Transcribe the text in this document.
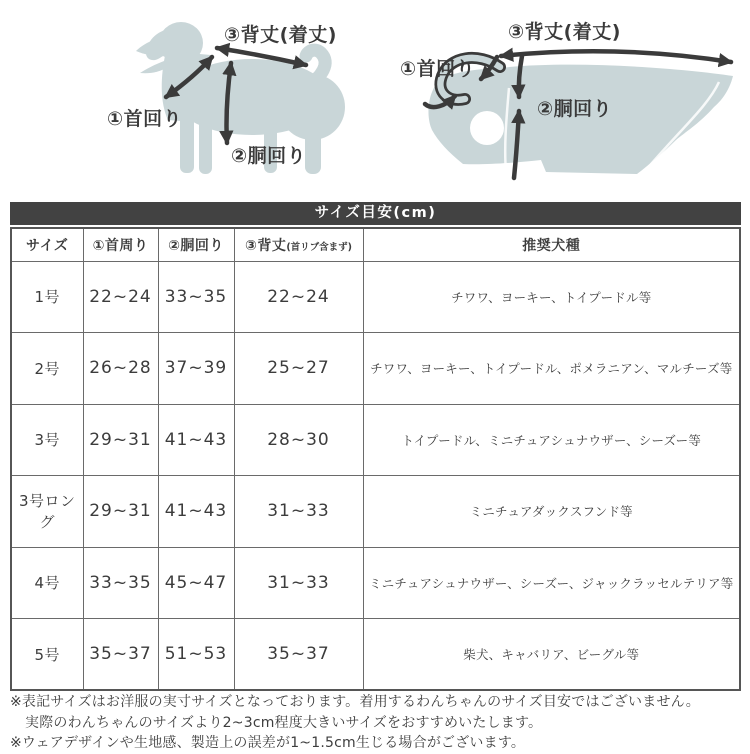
③背丈(着丈)
①首回り
②胴回り
③背丈(着丈)
①首回り
②胴回り
サイズ目安(cm)
サイズ	①首周り	②胴回り	③背丈(首リブ含まず)	推奨犬種
1号	22~24	33~35	22~24	チワワ、ヨーキー、トイプードル等
2号	26~28	37~39	25~27	チワワ、ヨーキー、トイプードル、ポメラニアン、マルチーズ等
3号	29~31	41~43	28~30	トイプードル、ミニチュアシュナウザー、シーズー等
3号ロング	29~31	41~43	31~33	ミニチュアダックスフンド等
4号	33~35	45~47	31~33	ミニチュアシュナウザー、シーズー、ジャックラッセルテリア等
5号	35~37	51~53	35~37	柴犬、キャバリア、ビーグル等
※表記サイズはお洋服の実寸サイズとなっております。着用するわんちゃんのサイズ目安ではございません。
実際のわんちゃんのサイズより2~3cm程度大きいサイズをおすすめいたします。
※ウェアデザインや生地感、製造上の誤差が1~1.5cm生じる場合がございます。
